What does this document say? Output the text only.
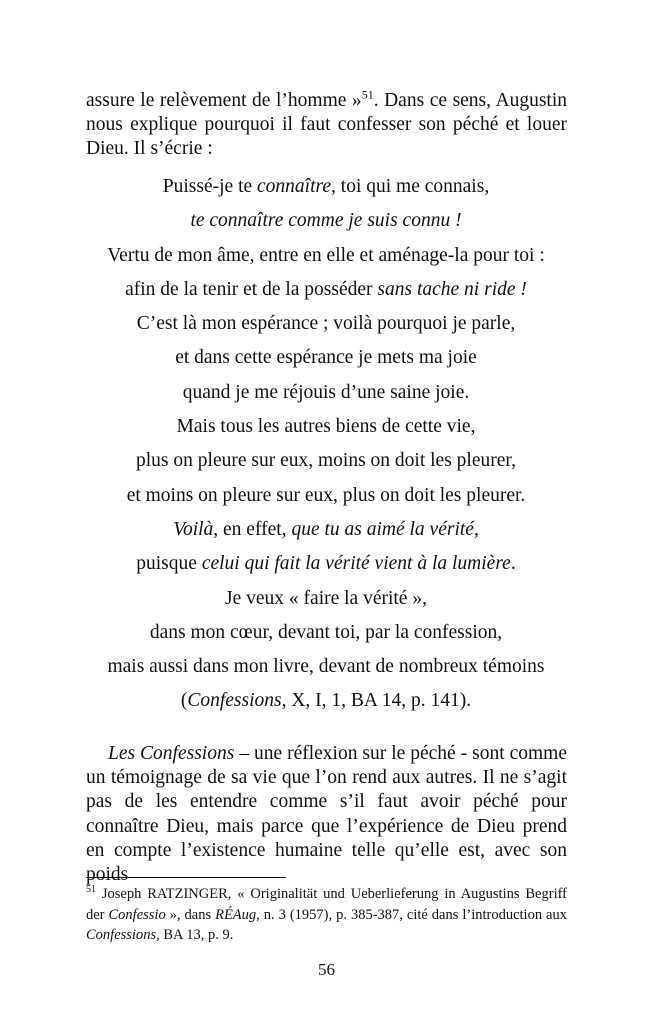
assure le relèvement de l’homme »$^{51}$. Dans ce sens, Augustin nous explique pourquoi il faut confesser son péché et louer Dieu. Il s’écrie :

Puissé-je te connaître, toi qui me connais,
te connaître comme je suis connu !
Vertu de mon âme, entre en elle et aménage-la pour toi :
afin de la tenir et de la posséder sans tache ni ride !
C’est là mon espérance ; voilà pourquoi je parle,
et dans cette espérance je mets ma joie
quand je me réjouis d’une saine joie.
Mais tous les autres biens de cette vie,
plus on pleure sur eux, moins on doit les pleurer,
et moins on pleure sur eux, plus on doit les pleurer.
Voilà, en effet, que tu as aimé la vérité,
puisque celui qui fait la vérité vient à la lumière.
Je veux « faire la vérité »,
dans mon cœur, devant toi, par la confession,
mais aussi dans mon livre, devant de nombreux témoins
(Confessions, X, I, 1, BA 14, p. 141).

Les Confessions – une réflexion sur le péché - sont comme un témoignage de sa vie que l’on rend aux autres. Il ne s’agit pas de les entendre comme s’il faut avoir péché pour connaître Dieu, mais parce que l’expérience de Dieu prend en compte l’existence humaine telle qu’elle est, avec son poids

$^{51}$ Joseph RATZINGER, « Originalität und Ueberlieferung in Augustins Begriff der Confessio », dans RÉAug, n. 3 (1957), p. 385-387, cité dans l’introduction aux Confessions, BA 13, p. 9.

56
